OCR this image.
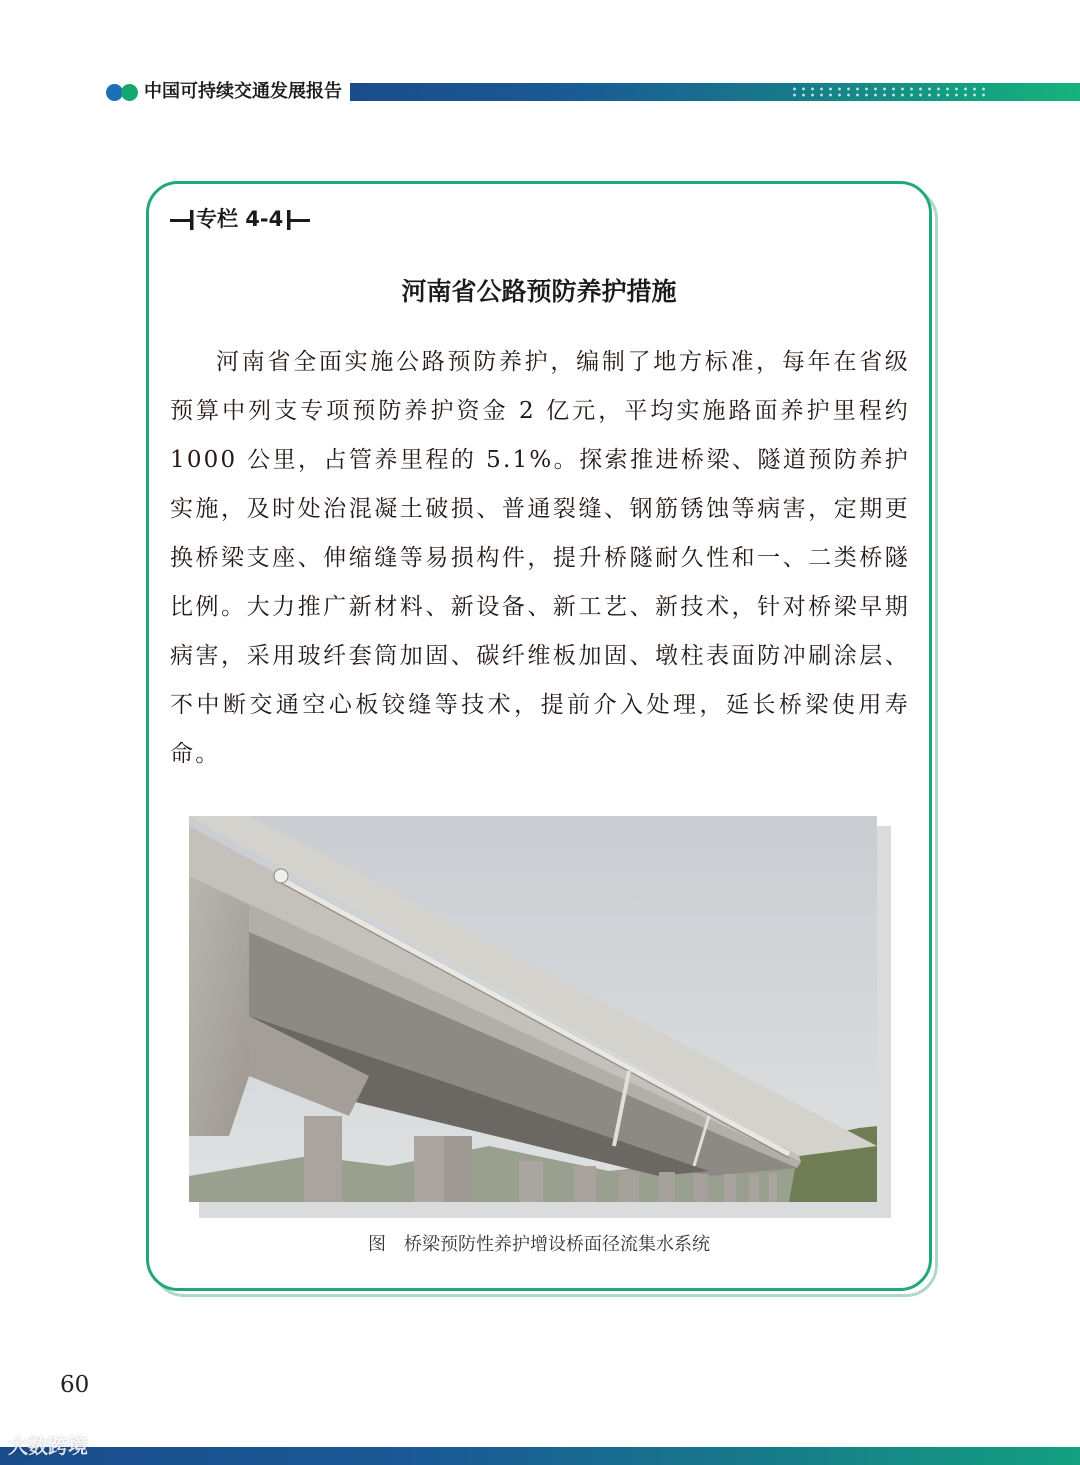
中国可持续交通发展报告
专栏 4-4
河南省公路预防养护措施

河南省全面实施公路预防养护，编制了地方标准，每年在省级预算中列支专项预防养护资金 2 亿元，平均实施路面养护里程约 1000 公里，占管养里程的 5.1%。探索推进桥梁、隧道预防养护实施，及时处治混凝土破损、普通裂缝、钢筋锈蚀等病害，定期更换桥梁支座、伸缩缝等易损构件，提升桥隧耐久性和一、二类桥隧比例。大力推广新材料、新设备、新工艺、新技术，针对桥梁早期病害，采用玻纤套筒加固、碳纤维板加固、墩柱表面防冲刷涂层、不中断交通空心板铰缝等技术，提前介入处理，延长桥梁使用寿命。

图 桥梁预防性养护增设桥面径流集水系统
60
大数跨境
